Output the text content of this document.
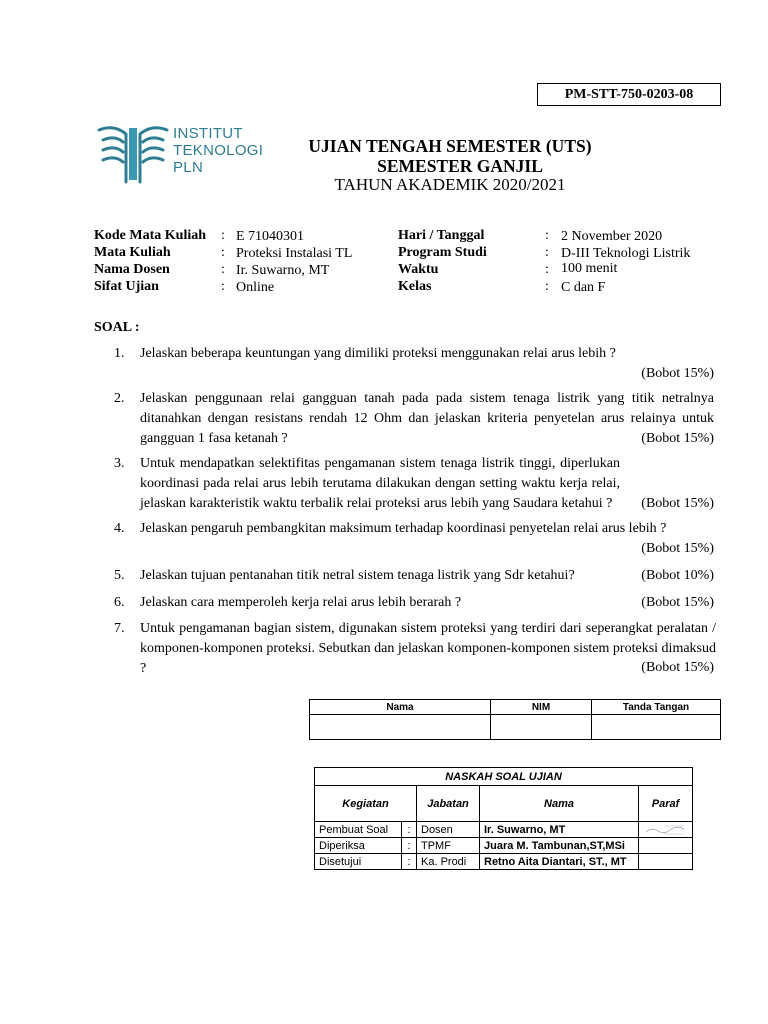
PM-STT-750-0203-08
INSTITUT
TEKNOLOGI
PLN
UJIAN TENGAH SEMESTER (UTS)
SEMESTER GANJIL
TAHUN AKADEMIK 2020/2021
Kode Mata Kuliah : E 71040301
Mata Kuliah	: Proteksi Instalasi TL
Nama Dosen	: Ir. Suwarno, MT
Sifat Ujian	: Online
Hari / Tanggal	: 2 November 2020
Program Studi	: D-III Teknologi Listrik
Waktu	: 100 menit
Kelas	: C dan F
SOAL :
1. Jelaskan beberapa keuntungan yang dimiliki proteksi menggunakan relai arus lebih ?
(Bobot 15%)
2. Jelaskan penggunaan relai gangguan tanah pada pada sistem tenaga listrik yang titik netralnya ditanahkan dengan resistans rendah 12 Ohm dan jelaskan kriteria penyetelan arus relainya untuk gangguan 1 fasa ketanah ?	(Bobot 15%)
3. Untuk mendapatkan selektifitas pengamanan sistem tenaga listrik tinggi, diperlukan koordinasi pada relai arus lebih terutama dilakukan dengan setting waktu kerja relai, jelaskan karakteristik waktu terbalik relai proteksi arus lebih yang Saudara ketahui ?	(Bobot 15%)
4. Jelaskan pengaruh pembangkitan maksimum terhadap koordinasi penyetelan relai arus lebih ?
(Bobot 15%)
5. Jelaskan tujuan pentanahan titik netral sistem tenaga listrik yang Sdr ketahui?	(Bobot 10%)
6. Jelaskan cara memperoleh kerja relai arus lebih berarah ?	(Bobot 15%)
7. Untuk pengamanan bagian sistem, digunakan sistem proteksi yang terdiri dari seperangkat peralatan / komponen-komponen proteksi. Sebutkan dan jelaskan komponen-komponen sistem proteksi dimaksud ?	(Bobot 15%)
Nama	NIM	Tanda Tangan

NASKAH SOAL UJIAN				
Kegiatan		Jabatan	Nama	Paraf
Pembuat Soal	:	Dosen	Ir. Suwarno, MT	

Diperiksa	:	TPMF	Juara M. Tambunan,ST,MSi	
Disetujui	:	Ka. Prodi	Retno Aita Diantari, ST., MT	
